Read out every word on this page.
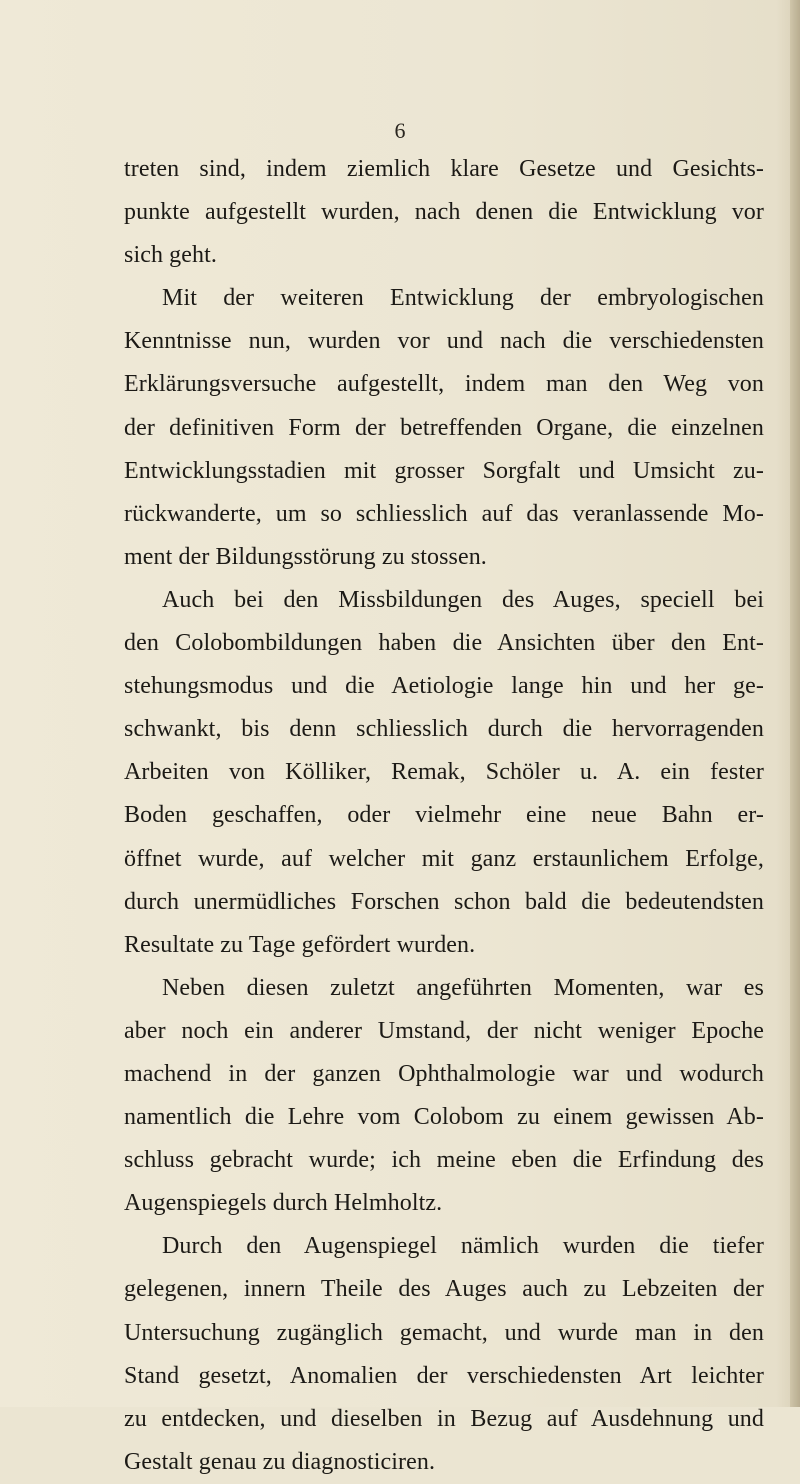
6
treten sind, indem ziemlich klare Gesetze und Gesichts-
punkte aufgestellt wurden, nach denen die Entwicklung vor
sich geht.
Mit der weiteren Entwicklung der embryologischen
Kenntnisse nun, wurden vor und nach die verschiedensten
Erklärungsversuche aufgestellt, indem man den Weg von
der definitiven Form der betreffenden Organe, die einzelnen
Entwicklungsstadien mit grosser Sorgfalt und Umsicht zu-
rückwanderte, um so schliesslich auf das veranlassende Mo-
ment der Bildungsstörung zu stossen.
Auch bei den Missbildungen des Auges, speciell bei
den Colobombildungen haben die Ansichten über den Ent-
stehungsmodus und die Aetiologie lange hin und her ge-
schwankt, bis denn schliesslich durch die hervorragenden
Arbeiten von Kölliker, Remak, Schöler u. A. ein fester
Boden geschaffen, oder vielmehr eine neue Bahn er-
öffnet wurde, auf welcher mit ganz erstaunlichem Erfolge,
durch unermüdliches Forschen schon bald die bedeutendsten
Resultate zu Tage gefördert wurden.
Neben diesen zuletzt angeführten Momenten, war es
aber noch ein anderer Umstand, der nicht weniger Epoche
machend in der ganzen Ophthalmologie war und wodurch
namentlich die Lehre vom Colobom zu einem gewissen Ab-
schluss gebracht wurde; ich meine eben die Erfindung des
Augenspiegels durch Helmholtz.
Durch den Augenspiegel nämlich wurden die tiefer
gelegenen, innern Theile des Auges auch zu Lebzeiten der
Untersuchung zugänglich gemacht, und wurde man in den
Stand gesetzt, Anomalien der verschiedensten Art leichter
zu entdecken, und dieselben in Bezug auf Ausdehnung und
Gestalt genau zu diagnosticiren.
